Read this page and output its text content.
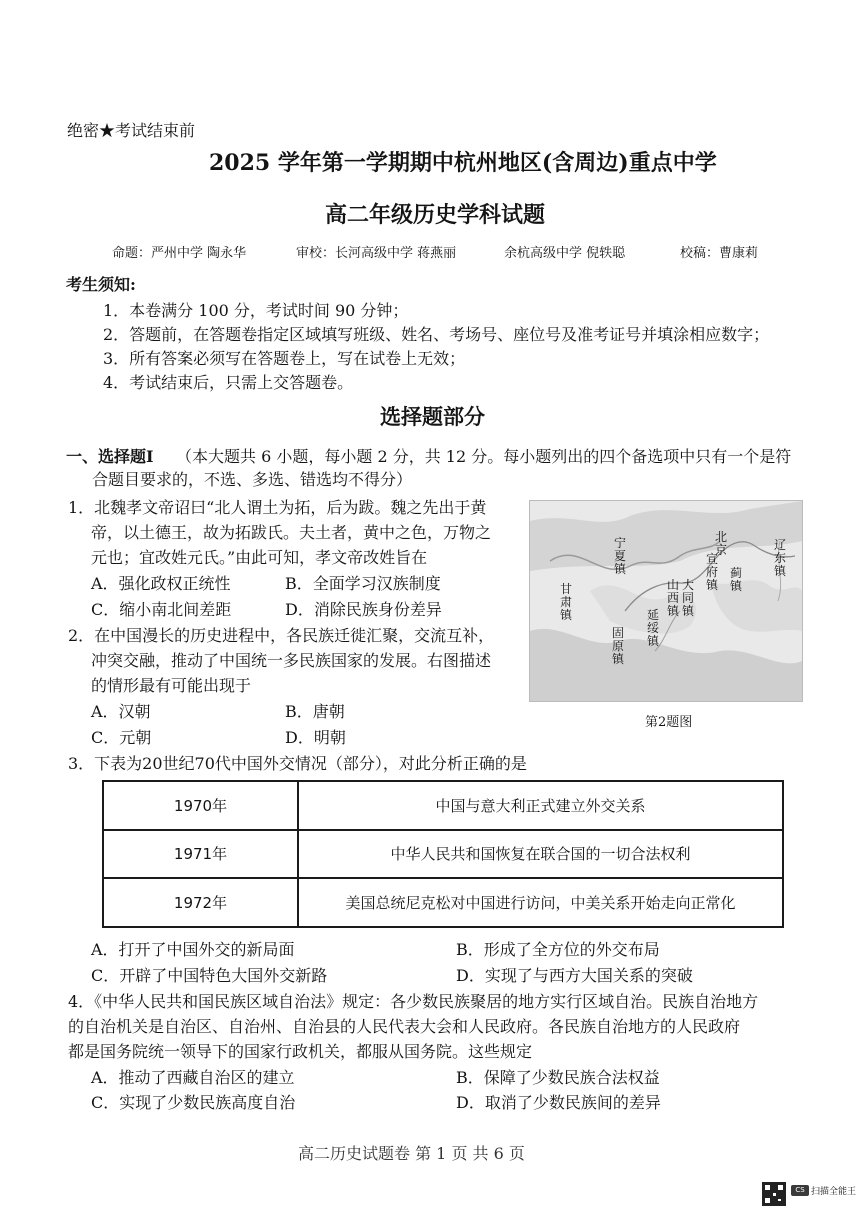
绝密★考试结束前
2025 学年第一学期期中杭州地区(含周边)重点中学
高二年级历史学科试题
命题：严州中学 陶永华	审校：长河高级中学 蒋燕丽	余杭高级中学 倪轶聪	校稿：曹康莉
考生须知:
1．本卷满分 100 分，考试时间 90 分钟；
2．答题前，在答题卷指定区域填写班级、姓名、考场号、座位号及准考证号并填涂相应数字；
3．所有答案必须写在答题卷上，写在试卷上无效；
4．考试结束后，只需上交答题卷。
选择题部分
一、选择题Ⅰ （本大题共 6 小题，每小题 2 分，共 12 分。每小题列出的四个备选项中只有一个是符
合题目要求的，不选、多选、错选均不得分）
1．北魏孝文帝诏曰“北人谓土为拓，后为跋。魏之先出于黄
帝，以土德王，故为拓跋氏。夫土者，黄中之色，万物之
元也；宜改姓元氏。”由此可知，孝文帝改姓旨在
A．强化政权正统性	B．全面学习汉族制度
C．缩小南北间差距	D．消除民族身份差异
2．在中国漫长的历史进程中，各民族迁徙汇聚，交流互补，
冲突交融，推动了中国统一多民族国家的发展。右图描述
的情形最有可能出现于
A．汉朝	B．唐朝
C．元朝	D．明朝
宁夏镇
北京	辽东镇
甘肃镇
山西镇
大同镇
宣府镇
蓟镇
延绥镇
固原镇
第2题图
3．下表为20世纪70代中国外交情况（部分），对此分析正确的是
1970年	中国与意大利正式建立外交关系
1971年	中华人民共和国恢复在联合国的一切合法权利
1972年	美国总统尼克松对中国进行访问，中美关系开始走向正常化
A．打开了中国外交的新局面	B．形成了全方位的外交布局
C．开辟了中国特色大国外交新路	D．实现了与西方大国关系的突破
4．《中华人民共和国民族区域自治法》规定：各少数民族聚居的地方实行区域自治。民族自治地方
的自治机关是自治区、自治州、自治县的人民代表大会和人民政府。各民族自治地方的人民政府
都是国务院统一领导下的国家行政机关，都服从国务院。这些规定
A．推动了西藏自治区的建立	B．保障了少数民族合法权益
C．实现了少数民族高度自治	D．取消了少数民族间的差异
高二历史试题卷 第 1 页 共 6 页
CS 扫描全能王
